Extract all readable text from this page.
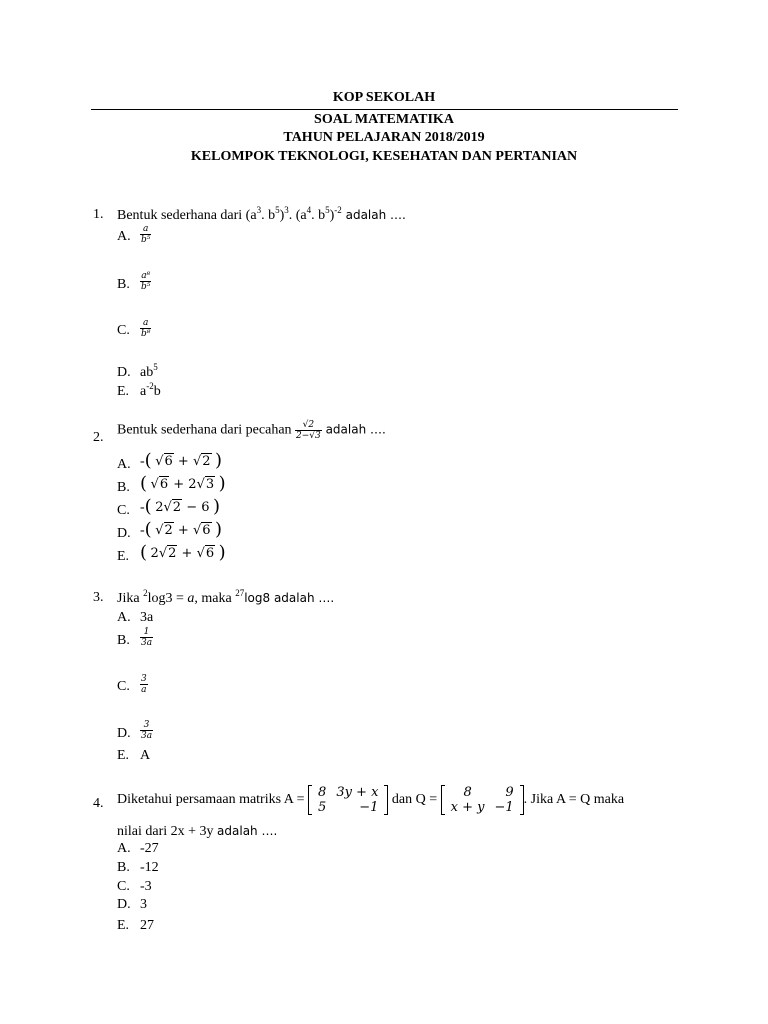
KOP SEKOLAH
SOAL MATEMATIKA
TAHUN PELAJARAN 2018/2019
KELOMPOK TEKNOLOGI, KESEHATAN DAN PERTANIAN
1. Bentuk sederhana dari ($a^3$. $b^5)^3$. ($a^4$. $b^5)^{-2}$ adalah ….
A. $\frac{a}{\text{b⁵}}$
B. $\frac{\text{a⁸}}{\text{b⁵}}$
C. $\frac{a}{\text{b⁸}}$
D. $ab^5$
E. $a^{-2}b$
2. Bentuk sederhana dari pecahan $\frac{√2}{2-√3}$ adalah ….
A. -( √6 + √2 )
B. ( √6 + 2√3 )
C. -( 2√2 − 6 )
D. -( √2 + √6 )
E. ( 2√2 + √6 )
3. Jika $^2$log3 = a, maka $^{27}$log8 adalah ….
A. 3a
B. $\frac{1}{3a}$
C. $\frac{3}{a}$
D. $\frac{3}{3a}$
E. A
4. Diketahui persamaan matriks A = 8	3y + x
5	−1
dan Q = 8	9
x + y	−1
. Jika A = Q maka
nilai dari 2x + 3y adalah ….
A. -27
B. -12
C. -3
D. 3
E. 27
